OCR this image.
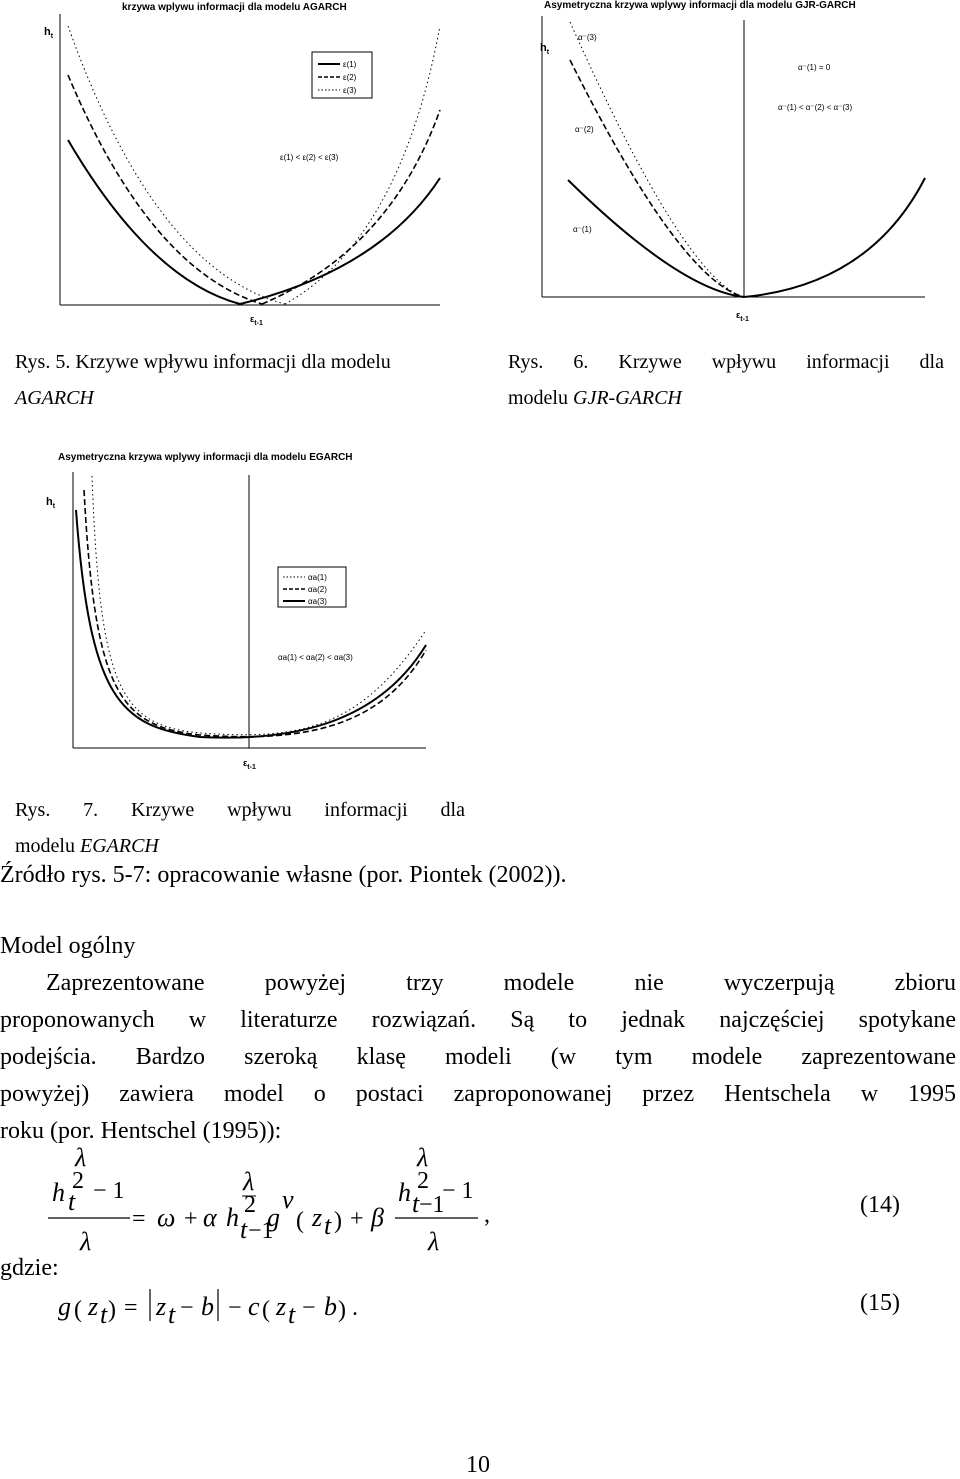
krzywa wplywu informacji dla modelu AGARCH
ε(1)
ε(2)
ε(3)
ε(1) < ε(2) < ε(3)
$h_t$
$\varepsilon_{t-1}$
Asymetryczna krzywa wplywy informacji dla modelu GJR-GARCH
α⁻(3)
α⁻(2)
α⁻(1)
α⁻(1) = 0
α⁻(1) < α⁻(2) < α⁻(3)
$h_t$
$\varepsilon_{t-1}$
Rys. 5. Krzywe wpływu informacji dla modelu
AGARCH
Rys. 6. Krzywe wpływu informacji dla
modelu GJR-GARCH
Asymetryczna krzywa wplywy informacji dla modelu EGARCH
αa(1)
αa(2)
αa(3)
αa(1) < αa(2) < αa(3)
$h_t$
$\varepsilon_{t-1}$
Rys. 7. Krzywe wpływu informacji dla
modelu EGARCH
Źródło rys. 5-7: opracowanie własne (por. Piontek (2002)).
Model ogólny
Zaprezentowane powyżej trzy modele nie wyczerpują zbioru
proponowanych w literaturze rozwiązań. Są to jednak najczęściej spotykane
podejścia. Bardzo szeroką klasę modeli (w tym modele zaprezentowane
powyżej) zawiera model o postaci zaproponowanej przez Hentschela w 1995
roku (por. Hentschel (1995)):
λ
h t
2 − 1
λ
= ω + α h
λ
2
t −1
g
ν
( z t ) + β
λ
h t −1
2 − 1
λ
,	(14)
gdzie:
g ( z t ) = z t − b − c ( z t − b ) .	(15)
10
